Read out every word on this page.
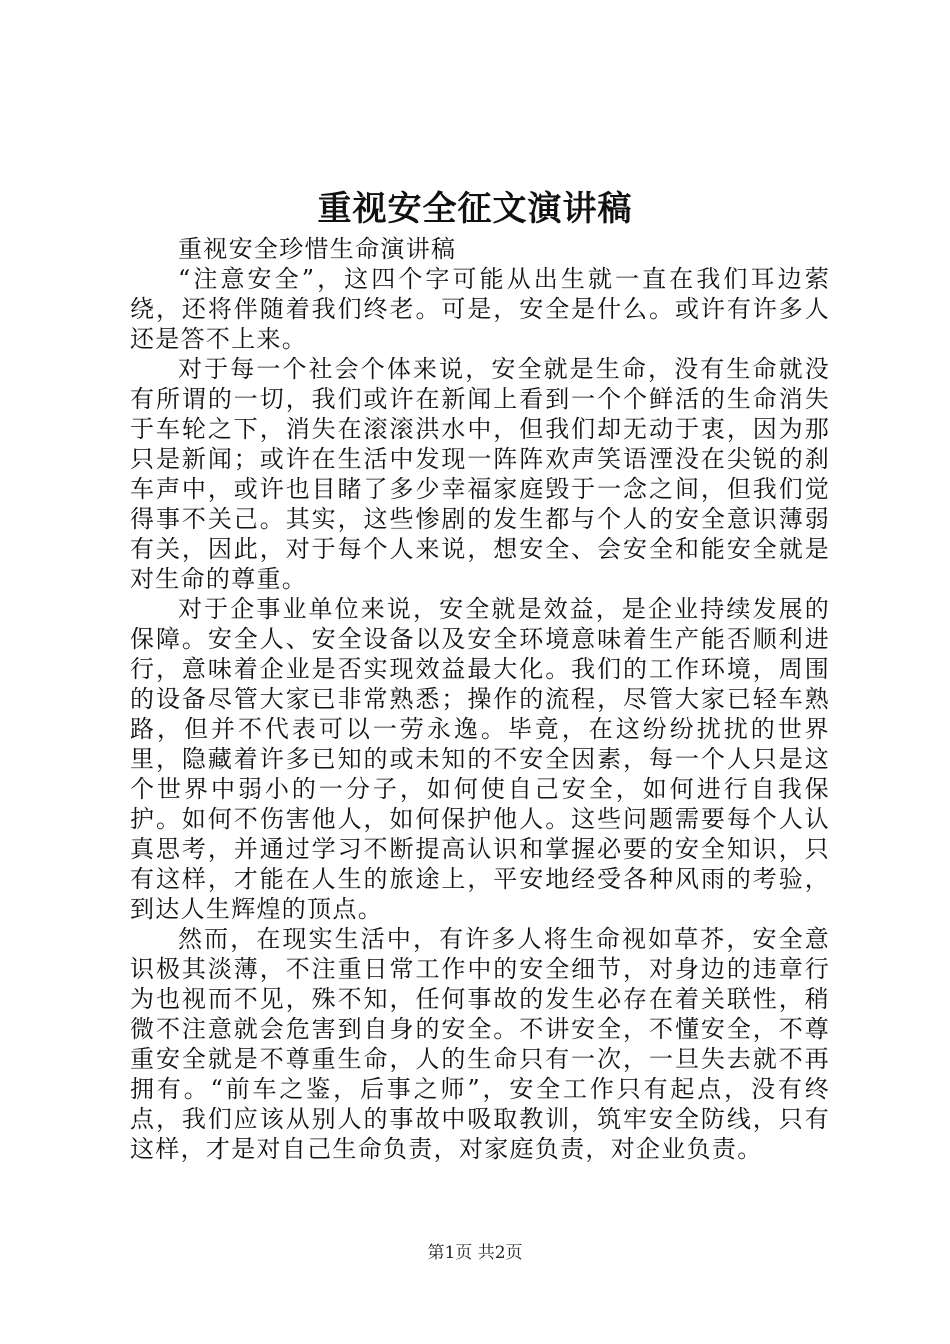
重视安全征文演讲稿

重视安全珍惜生命演讲稿

“注意安全”，这四个字可能从出生就一直在我们耳边萦绕，还将伴随着我们终老。可是，安全是什么。或许有许多人还是答不上来。

对于每一个社会个体来说，安全就是生命，没有生命就没有所谓的一切，我们或许在新闻上看到一个个鲜活的生命消失于车轮之下，消失在滚滚洪水中，但我们却无动于衷，因为那只是新闻；或许在生活中发现一阵阵欢声笑语湮没在尖锐的刹车声中，或许也目睹了多少幸福家庭毁于一念之间，但我们觉得事不关己。其实，这些惨剧的发生都与个人的安全意识薄弱有关，因此，对于每个人来说，想安全、会安全和能安全就是对生命的尊重。

对于企事业单位来说，安全就是效益，是企业持续发展的保障。安全人、安全设备以及安全环境意味着生产能否顺利进行，意味着企业是否实现效益最大化。我们的工作环境，周围的设备尽管大家已非常熟悉；操作的流程，尽管大家已轻车熟路，但并不代表可以一劳永逸。毕竟，在这纷纷扰扰的世界里，隐藏着许多已知的或未知的不安全因素，每一个人只是这个世界中弱小的一分子，如何使自己安全，如何进行自我保护。如何不伤害他人，如何保护他人。这些问题需要每个人认真思考，并通过学习不断提高认识和掌握必要的安全知识，只有这样，才能在人生的旅途上，平安地经受各种风雨的考验，到达人生辉煌的顶点。

然而，在现实生活中，有许多人将生命视如草芥，安全意识极其淡薄，不注重日常工作中的安全细节，对身边的违章行为也视而不见，殊不知，任何事故的发生必存在着关联性，稍微不注意就会危害到自身的安全。不讲安全，不懂安全，不尊重安全就是不尊重生命，人的生命只有一次，一旦失去就不再拥有。“前车之鉴，后事之师”，安全工作只有起点，没有终点，我们应该从别人的事故中吸取教训，筑牢安全防线，只有这样，才是对自己生命负责，对家庭负责，对企业负责。

第1页 共2页
